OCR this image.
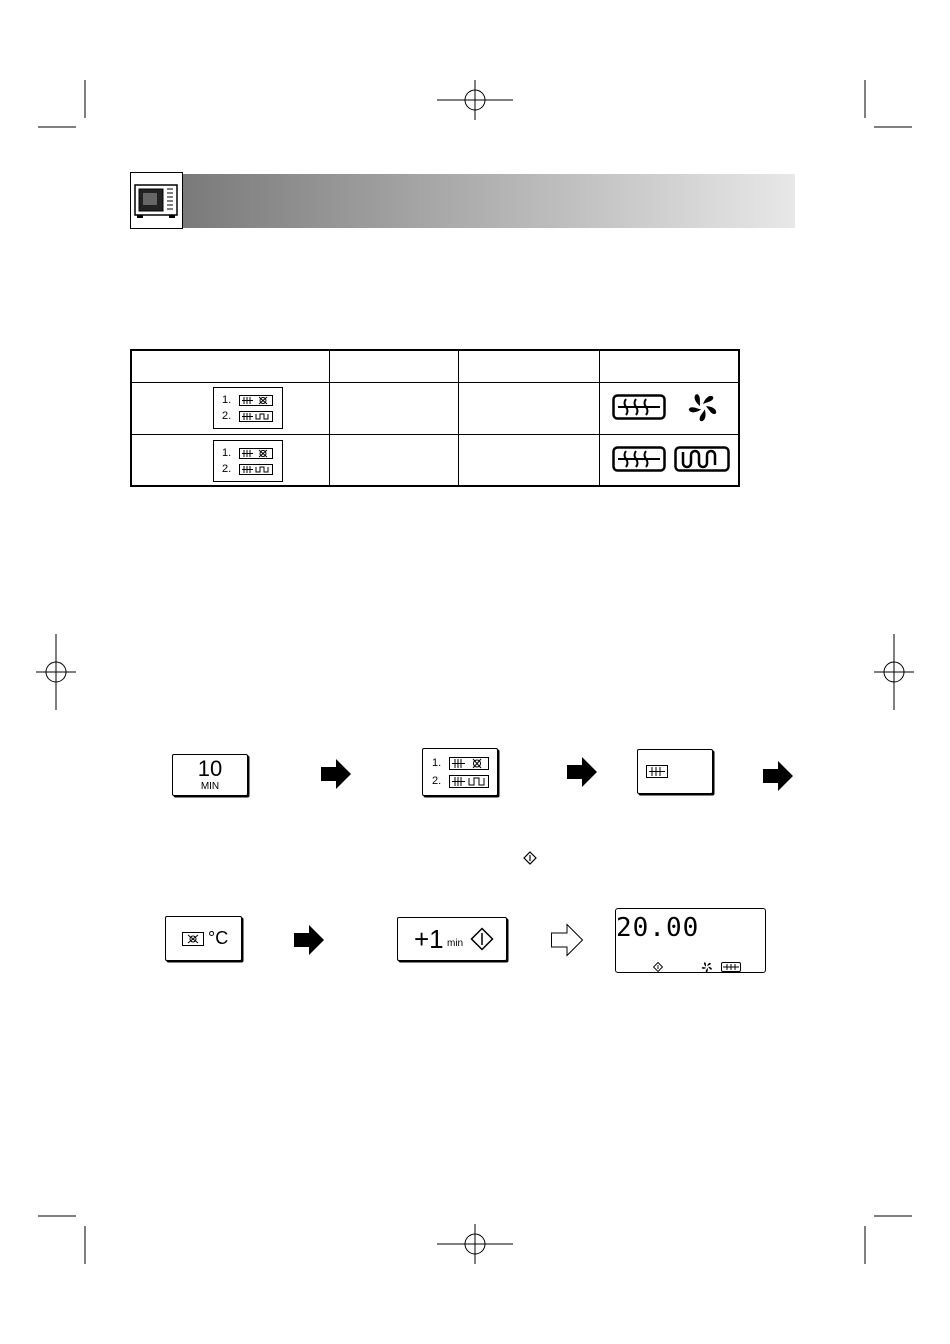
1.
2.
1.
2.
10
MIN
1.
2.
°C	+1 min
20.00
